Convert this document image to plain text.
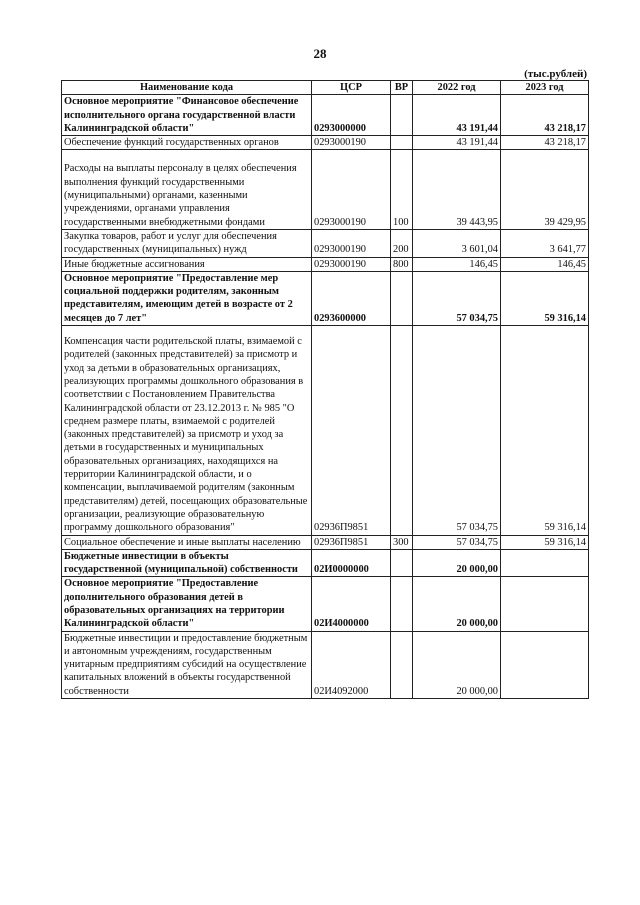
28
(тыс.рублей)
Наименование кода	ЦСР	ВР	2022 год	2023 год
Основное мероприятие "Финансовое обеспечение исполнительного органа государственной власти Калининградской области"	0293000000		43 191,44	43 218,17
Обеспечение функций государственных органов	0293000190		43 191,44	43 218,17
Расходы на выплаты персоналу в целях обеспечения выполнения функций государственными (муниципальными) органами, казенными учреждениями, органами управления государственными внебюджетными фондами	0293000190	100	39 443,95	39 429,95
Закупка товаров, работ и услуг для обеспечения государственных (муниципальных) нужд	0293000190	200	3 601,04	3 641,77
Иные бюджетные ассигнования	0293000190	800	146,45	146,45
Основное мероприятие "Предоставление мер социальной поддержки родителям, законным представителям, имеющим детей в возрасте от 2 месяцев до 7 лет"	0293600000		57 034,75	59 316,14
Компенсация части родительской платы, взимаемой с родителей (законных представителей) за присмотр и уход за детьми в образовательных организациях, реализующих программы дошкольного образования в соответствии с Постановлением Правительства Калининградской области от 23.12.2013 г. № 985 "О среднем размере платы, взимаемой с родителей (законных представителей) за присмотр и уход за детьми в государственных и муниципальных образовательных организациях, находящихся на территории Калининградской области, и о компенсации, выплачиваемой родителям (законным представителям) детей, посещающих образовательные организации, реализующие образовательную программу дошкольного образования"	02936П9851		57 034,75	59 316,14
Социальное обеспечение и иные выплаты населению	02936П9851	300	57 034,75	59 316,14
Бюджетные инвестиции в объекты государственной (муниципальной) собственности	02И0000000		20 000,00	
Основное мероприятие "Предоставление дополнительного образования детей в образовательных организациях на территории Калининградской области"	02И4000000		20 000,00	
Бюджетные инвестиции и предоставление бюджетным и автономным учреждениям, государственным унитарным предприятиям субсидий на осуществление капитальных вложений в объекты государственной собственности	02И4092000		20 000,00	
